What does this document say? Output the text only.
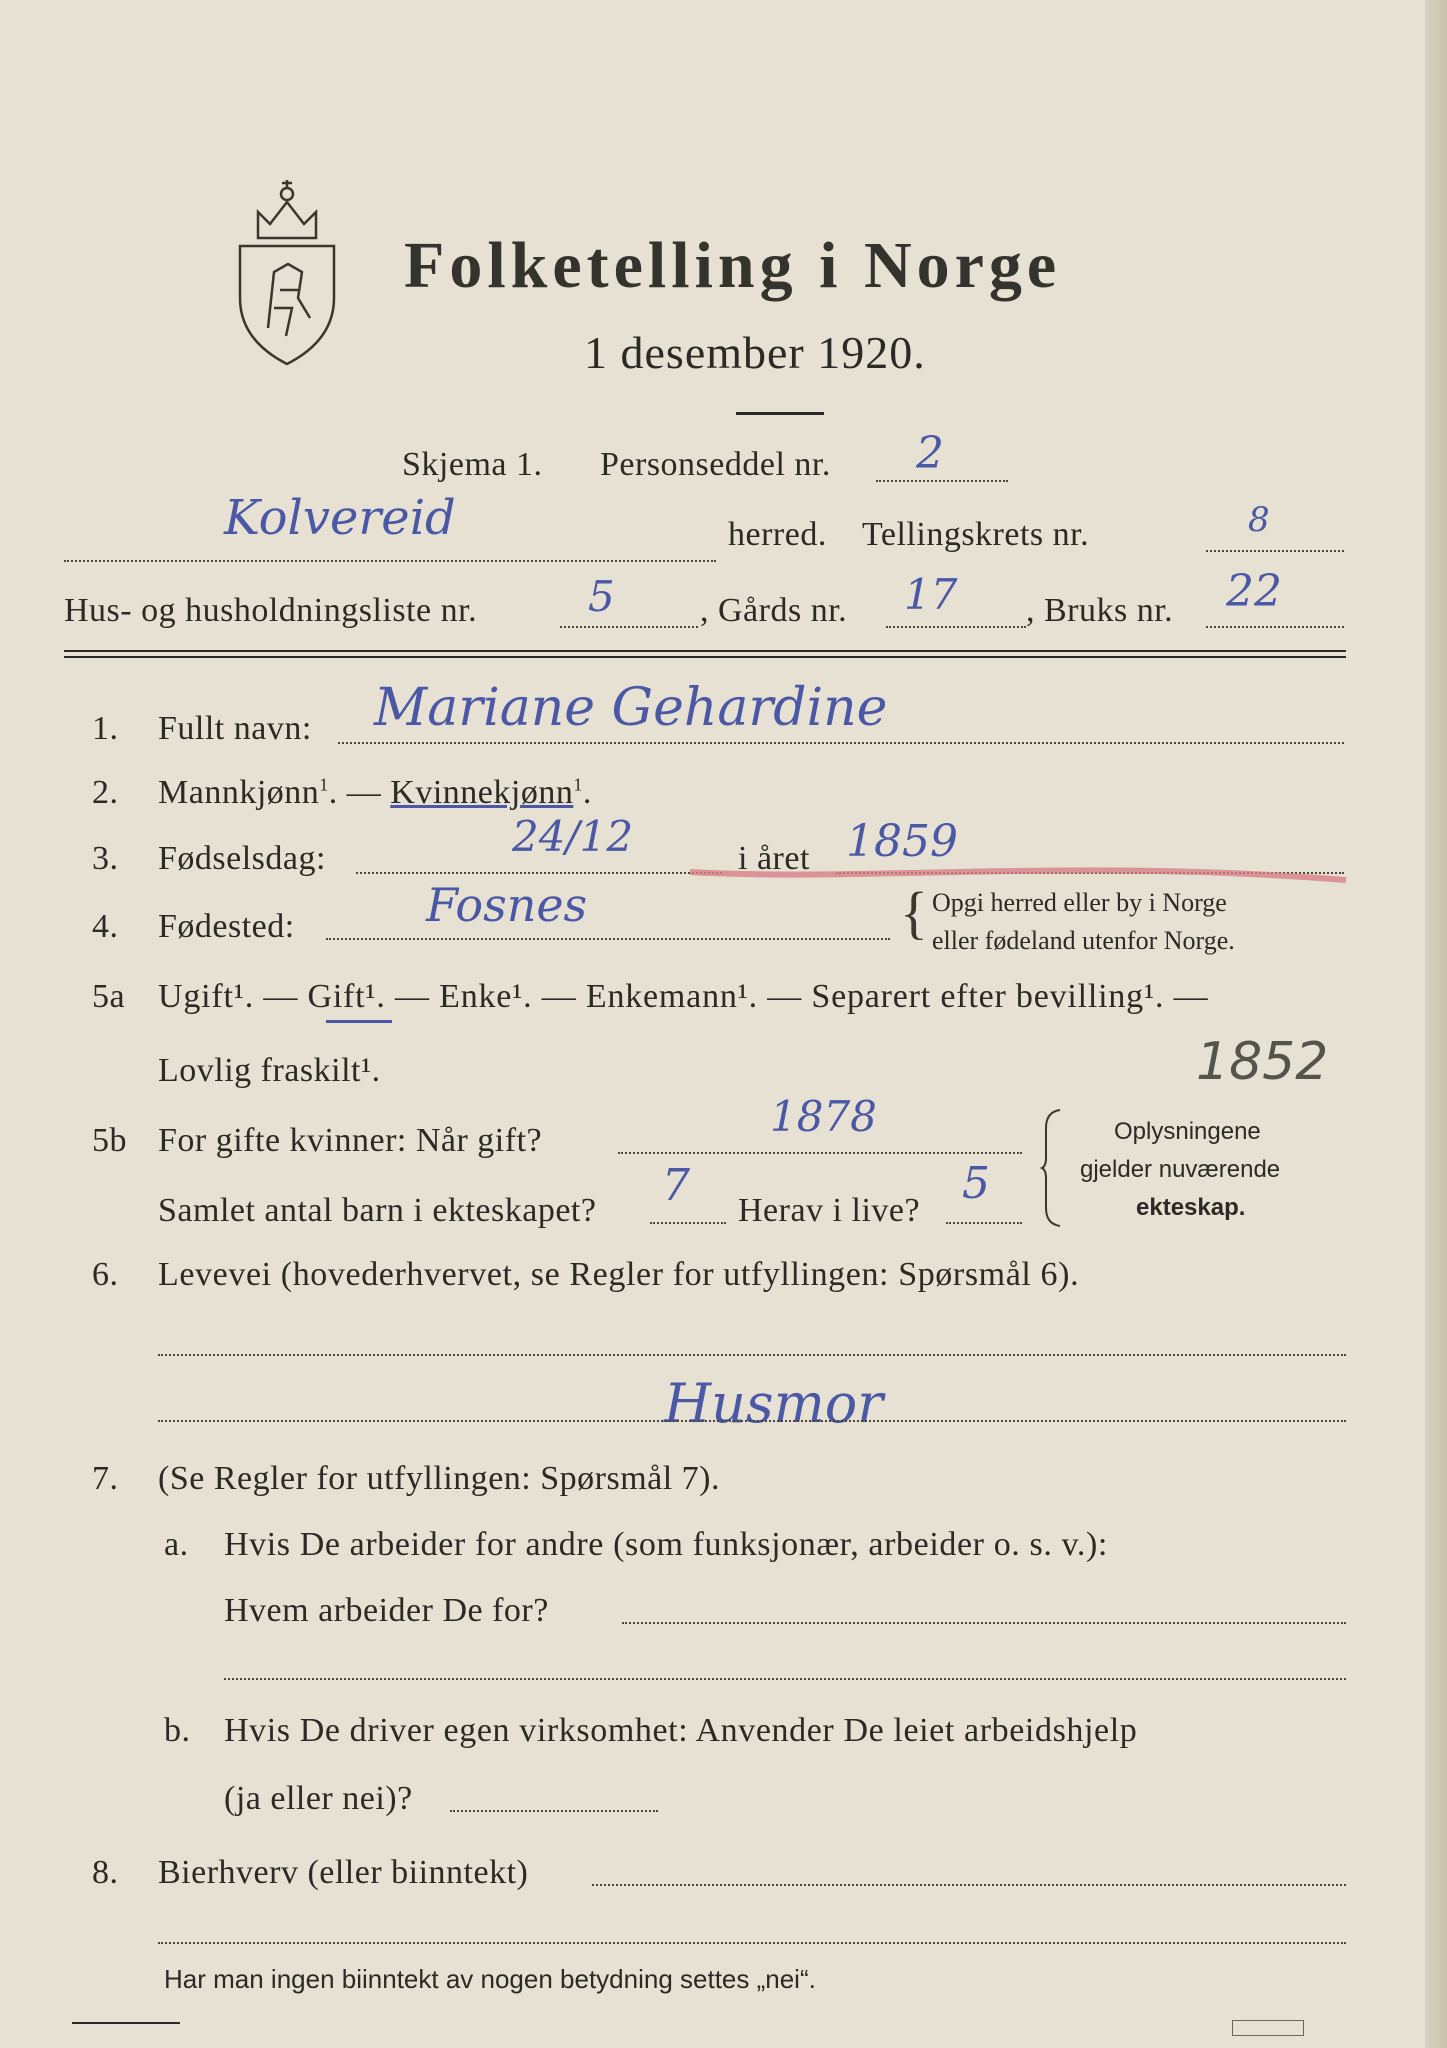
Folketelling i Norge
1 desember 1920.
Skjema 1. Personseddel nr. 2
Kolvereid	herred. Tellingskrets nr.	8
Hus- og husholdningsliste nr.	5	, Gårds nr. 17 , Bruks nr. 22
1. Fullt navn: Mariane Gehardine
2. Mannkjønn$^1$. — Kvinnekjønn$^1$.
3. Fødselsdag:	24/12	i året 1859
4. Fødested:	Fosnes	{ Opgi herred eller by i Norge
eller fødeland utenfor Norge.
5a Ugift¹. — Gift¹. — Enke¹. — Enkemann¹. — Separert efter bevilling¹. —
Lovlig fraskilt¹.	1852
5b For gifte kvinner: Når gift?	1878
Samlet antal barn i ekteskapet? 7 Herav i live?
5
Oplysningene
gjelder nuværende
ekteskap.
6. Levevei (hovederhvervet, se Regler for utfyllingen: Spørsmål 6).
Husmor
7. (Se Regler for utfyllingen: Spørsmål 7).
a. Hvis De arbeider for andre (som funksjonær, arbeider o. s. v.):
Hvem arbeider De for?
b. Hvis De driver egen virksomhet: Anvender De leiet arbeidshjelp
(ja eller nei)?
8. Bierhverv (eller biinntekt)
Har man ingen biinntekt av nogen betydning settes „nei“.
